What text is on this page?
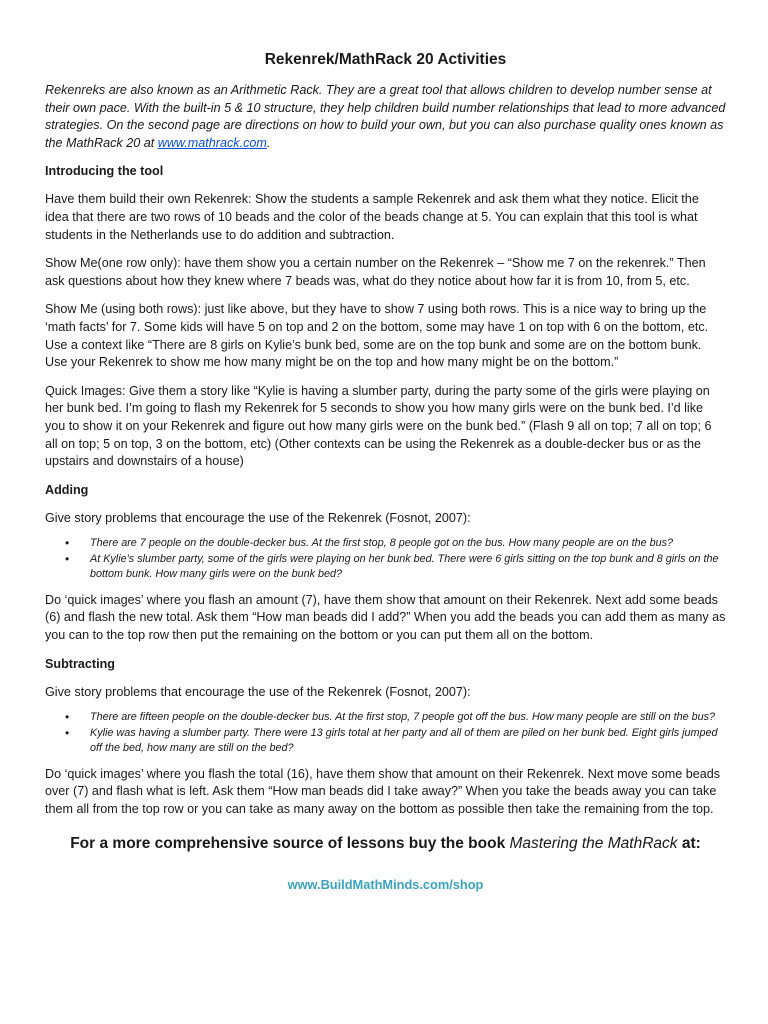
Rekenrek/MathRack 20 Activities

Rekenreks are also known as an Arithmetic Rack. They are a great tool that allows children to develop number sense at their own pace. With the built-in 5 & 10 structure, they help children build number relationships that lead to more advanced strategies. On the second page are directions on how to build your own, but you can also purchase quality ones known as the MathRack 20 at www.mathrack.com.

Introducing the tool

Have them build their own Rekenrek: Show the students a sample Rekenrek and ask them what they notice. Elicit the idea that there are two rows of 10 beads and the color of the beads change at 5. You can explain that this tool is what students in the Netherlands use to do addition and subtraction.

Show Me(one row only): have them show you a certain number on the Rekenrek – “Show me 7 on the rekenrek.” Then ask questions about how they knew where 7 beads was, what do they notice about how far it is from 10, from 5, etc.

Show Me (using both rows): just like above, but they have to show 7 using both rows. This is a nice way to bring up the ‘math facts’ for 7. Some kids will have 5 on top and 2 on the bottom, some may have 1 on top with 6 on the bottom, etc. Use a context like “There are 8 girls on Kylie’s bunk bed, some are on the top bunk and some are on the bottom bunk. Use your Rekenrek to show me how many might be on the top and how many might be on the bottom.”

Quick Images: Give them a story like “Kylie is having a slumber party, during the party some of the girls were playing on her bunk bed. I’m going to flash my Rekenrek for 5 seconds to show you how many girls were on the bunk bed. I’d like you to show it on your Rekenrek and figure out how many girls were on the bunk bed.” (Flash 9 all on top; 7 all on top; 6 all on top; 5 on top, 3 on the bottom, etc) (Other contexts can be using the Rekenrek as a double-decker bus or as the upstairs and downstairs of a house)

Adding

Give story problems that encourage the use of the Rekenrek (Fosnot, 2007):

• There are 7 people on the double-decker bus. At the first stop, 8 people got on the bus. How many people are on the bus?
• At Kylie’s slumber party, some of the girls were playing on her bunk bed. There were 6 girls sitting on the top bunk and 8 girls on the bottom bunk. How many girls were on the bunk bed?

Do ‘quick images’ where you flash an amount (7), have them show that amount on their Rekenrek. Next add some beads (6) and flash the new total. Ask them “How man beads did I add?” When you add the beads you can add them as many as you can to the top row then put the remaining on the bottom or you can put them all on the bottom.

Subtracting

Give story problems that encourage the use of the Rekenrek (Fosnot, 2007):

• There are fifteen people on the double-decker bus. At the first stop, 7 people got off the bus. How many people are still on the bus?
• Kylie was having a slumber party. There were 13 girls total at her party and all of them are piled on her bunk bed. Eight girls jumped off the bed, how many are still on the bed?

Do ‘quick images’ where you flash the total (16), have them show that amount on their Rekenrek. Next move some beads over (7) and flash what is left. Ask them “How man beads did I take away?” When you take the beads away you can take them all from the top row or you can take as many away on the bottom as possible then take the remaining from the top.

For a more comprehensive source of lessons buy the book Mastering the MathRack at:
www.BuildMathMinds.com/shop
